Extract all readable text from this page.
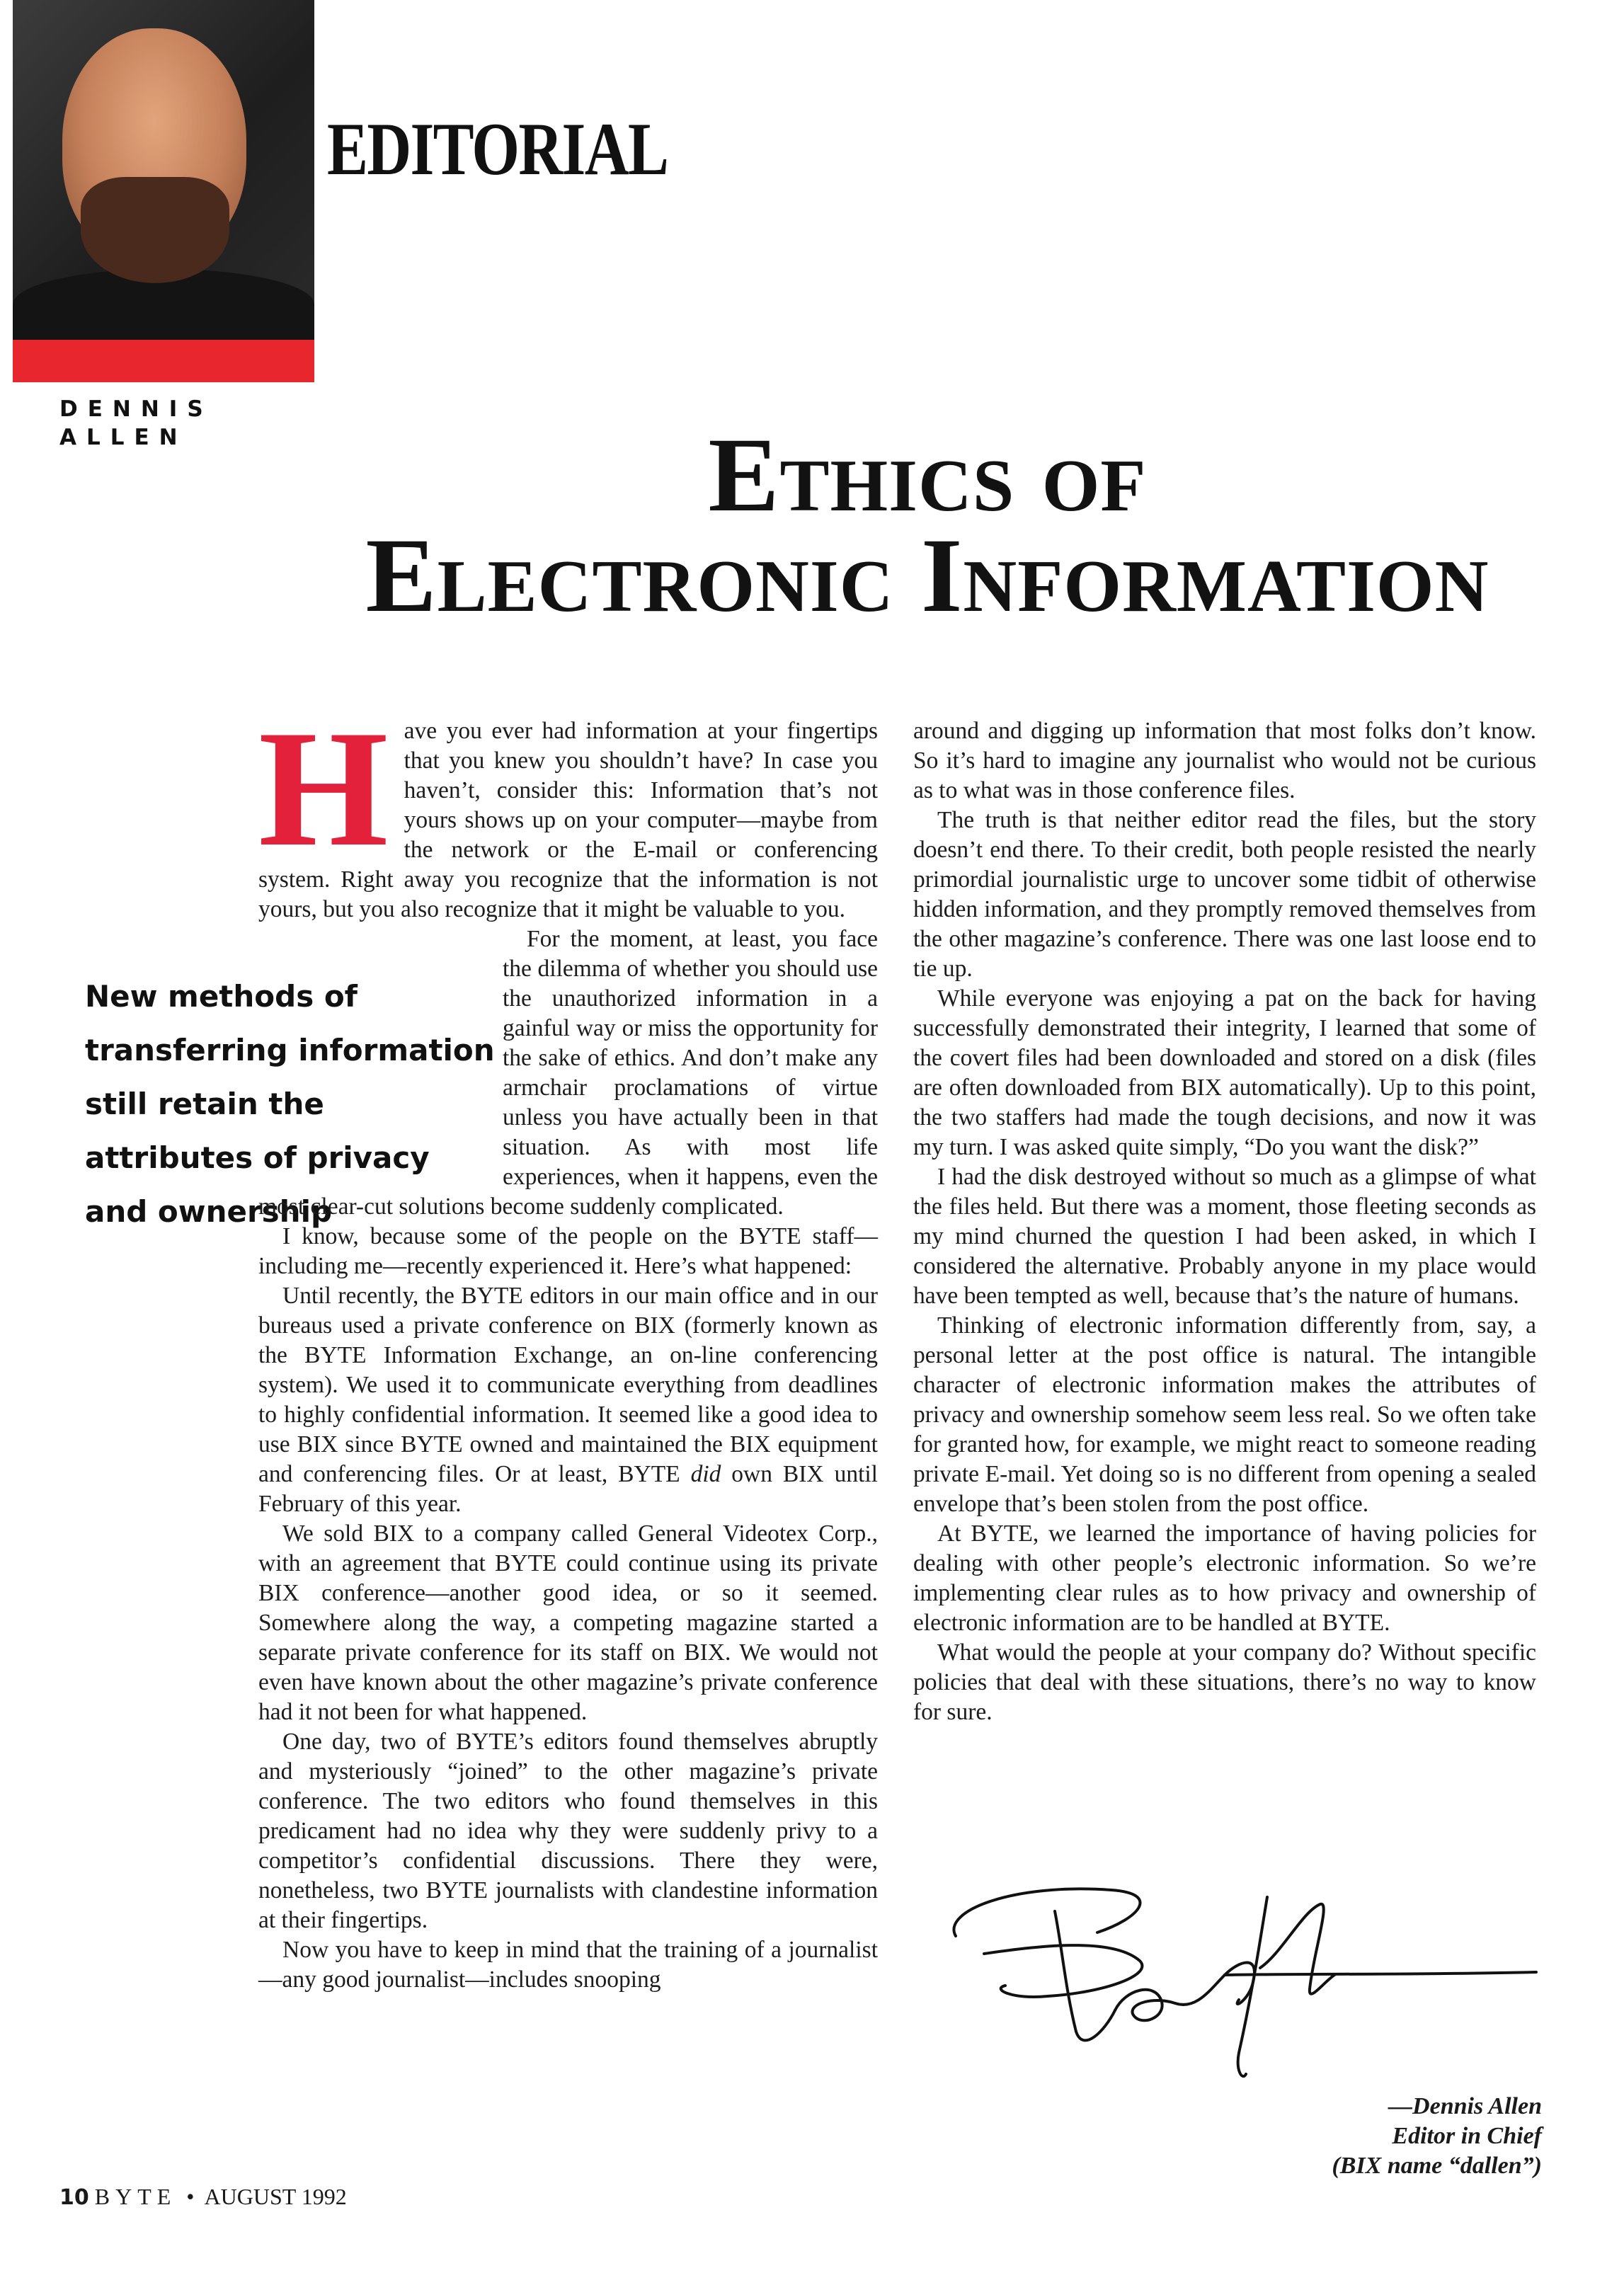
EDITORIAL
DENNIS
ALLEN	Ethics of
Electronic Information

New methods of transferring information still retain the attributes of privacy and ownership

Have you ever had information at your fingertips that you knew you shouldn’t have? In case you haven’t, consider this: Information that’s not yours shows up on your computer—maybe from the network or the E-mail or conferencing system. Right away you recognize that the information is not yours, but you also recognize that it might be valuable to you.

For the moment, at least, you face the dilemma of whether you should use the unauthorized information in a gainful way or miss the opportunity for the sake of ethics. And don’t make any armchair proclamations of virtue unless you have actually been in that situation. As with most life experiences, when it happens, even the most clear-cut solutions become suddenly complicated.

I know, because some of the people on the BYTE staff—including me—recently experienced it. Here’s what happened:

Until recently, the BYTE editors in our main office and in our bureaus used a private conference on BIX (formerly known as the BYTE Information Exchange, an on-line conferencing system). We used it to communicate everything from deadlines to highly confidential information. It seemed like a good idea to use BIX since BYTE owned and maintained the BIX equipment and conferencing files. Or at least, BYTE did own BIX until February of this year.

We sold BIX to a company called General Videotex Corp., with an agreement that BYTE could continue using its private BIX conference—another good idea, or so it seemed. Somewhere along the way, a competing magazine started a separate private conference for its staff on BIX. We would not even have known about the other magazine’s private conference had it not been for what happened.

One day, two of BYTE’s editors found themselves abruptly and mysteriously “joined” to the other magazine’s private conference. The two editors who found themselves in this predicament had no idea why they were suddenly privy to a competitor’s confidential discussions. There they were, nonetheless, two BYTE journalists with clandestine information at their fingertips.

Now you have to keep in mind that the training of a journalist—any good journalist—includes snooping

around and digging up information that most folks don’t know. So it’s hard to imagine any journalist who would not be curious as to what was in those conference files.

The truth is that neither editor read the files, but the story doesn’t end there. To their credit, both people resisted the nearly primordial journalistic urge to uncover some tidbit of otherwise hidden information, and they promptly removed themselves from the other magazine’s conference. There was one last loose end to tie up.

While everyone was enjoying a pat on the back for having successfully demonstrated their integrity, I learned that some of the covert files had been downloaded and stored on a disk (files are often downloaded from BIX automatically). Up to this point, the two staffers had made the tough decisions, and now it was my turn. I was asked quite simply, “Do you want the disk?”

I had the disk destroyed without so much as a glimpse of what the files held. But there was a moment, those fleeting seconds as my mind churned the question I had been asked, in which I considered the alternative. Probably anyone in my place would have been tempted as well, because that’s the nature of humans.

Thinking of electronic information differently from, say, a personal letter at the post office is natural. The intangible character of electronic information makes the attributes of privacy and ownership somehow seem less real. So we often take for granted how, for example, we might react to someone reading private E-mail. Yet doing so is no different from opening a sealed envelope that’s been stolen from the post office.

At BYTE, we learned the importance of having policies for dealing with other people’s electronic information. So we’re implementing clear rules as to how privacy and ownership of electronic information are to be handled at BYTE.

What would the people at your company do? Without specific policies that deal with these situations, there’s no way to know for sure.

—Dennis Allen
Editor in Chief
(BIX name “dallen”)
10 BYTE • AUGUST 1992
